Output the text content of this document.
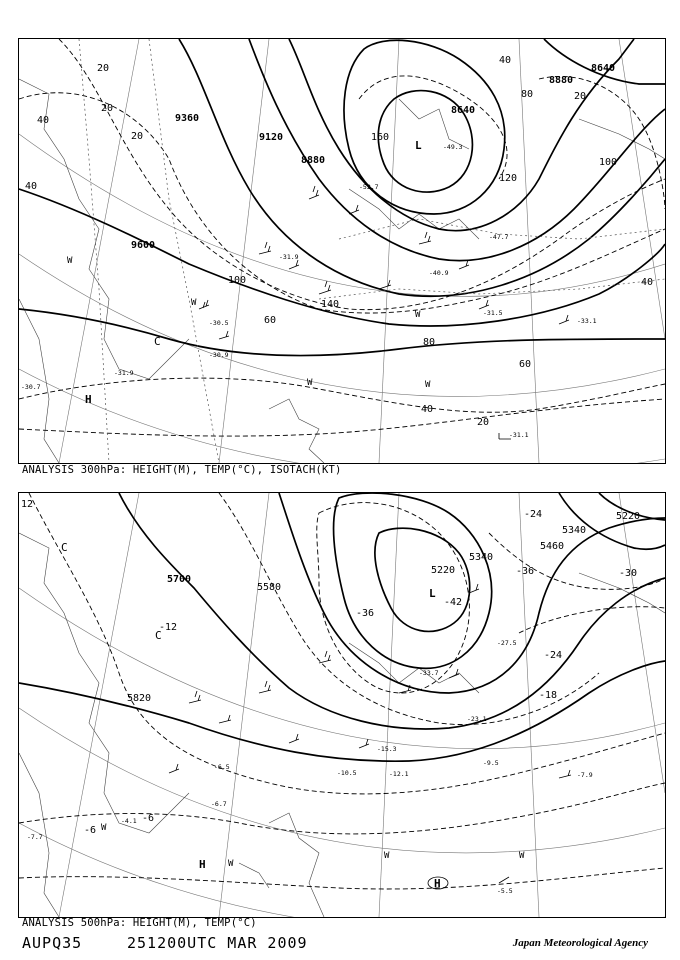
9600
9360
9120
8880
8640
8640
8880
20
20
20
40
40
40
40
60
60
80
80
100
100
120
140
160
20
40
20
H
L
C
W
W
W	W
W
-31.9
-30.7
-31.9
-30.5
-30.9
-49.3
-47.7
-40.9
-31.5
-33.1
-31.1
-52.7
ANALYSIS 300hPa: HEIGHT(M), TEMP(°C), ISOTACH(KT)
5820
5700
5580
5340
5220
5340
5460
5220
12
-36
-42
-36	-30
-24
-24
-18
-12
-6
-6
C
C
L
H
H
W
W
W	W
-7.7
-4.1
-6.7
-6.5
-10.5	-12.1
-15.3
-9.5
-7.9
-5.5
-23.1
-27.5
-33.7
ANALYSIS 500hPa: HEIGHT(M), TEMP(°C)
AUPQ35	251200UTC MAR 2009	Japan Meteorological Agency
